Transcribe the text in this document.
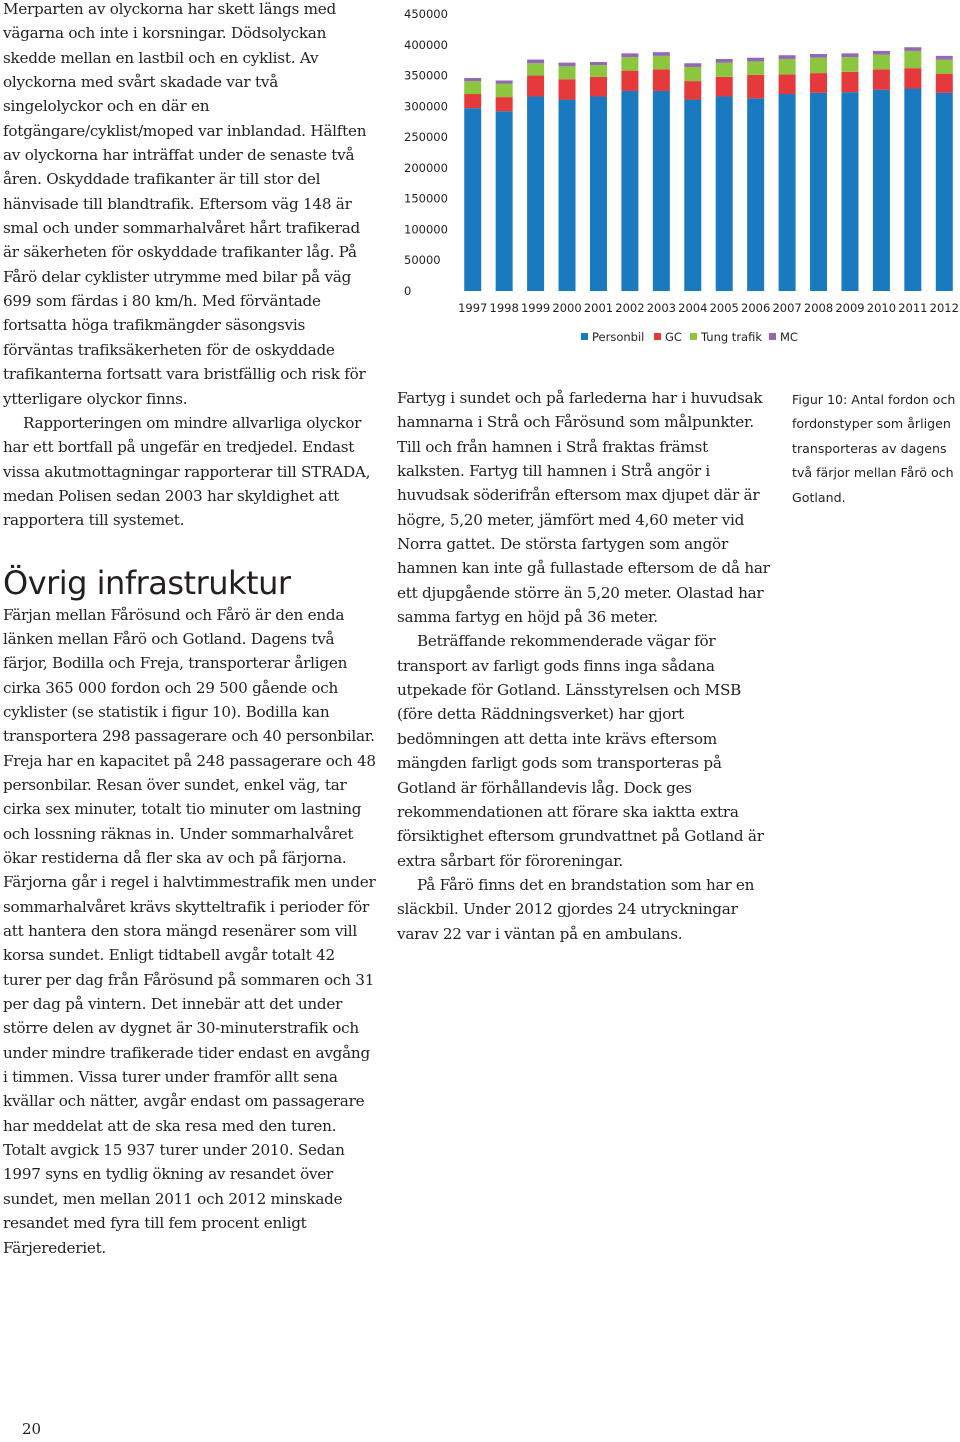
Merparten av olyckorna har skett längs med vägarna och inte i korsningar. Dödsolyckan skedde mellan en lastbil och en cyklist. Av olyckorna med svårt skadade var två singelolyckor och en där en fotgängare/cyklist/moped var inblandad. Hälften av olyckorna har inträffat under de senaste två åren. Oskyddade trafikanter är till stor del hänvisade till blandtrafik. Eftersom väg 148 är smal och under sommarhalvåret hårt trafikerad är säkerheten för oskyddade trafikanter låg. På Fårö delar cyklister utrymme med bilar på väg 699 som färdas i 80 km/h. Med förväntade fortsatta höga trafikmängder säsongsvis förväntas trafiksäkerheten för de oskyddade trafikanterna fortsatt vara bristfällig och risk för ytterligare olyckor finns.

Rapporteringen om mindre allvarliga olyckor har ett bortfall på ungefär en tredjedel. Endast vissa akutmottagningar rapporterar till STRADA, medan Polisen sedan 2003 har skyldighet att rapportera till systemet.

Övrig infrastruktur

Färjan mellan Fårösund och Fårö är den enda länken mellan Fårö och Gotland. Dagens två färjor, Bodilla och Freja, transporterar årligen cirka 365 000 fordon och 29 500 gående och cyklister (se statistik i figur 10). Bodilla kan transportera 298 passagerare och 40 personbilar. Freja har en kapacitet på 248 passagerare och 48 personbilar. Resan över sundet, enkel väg, tar cirka sex minuter, totalt tio minuter om lastning och lossning räknas in. Under sommarhalvåret ökar restiderna då fler ska av och på färjorna. Färjorna går i regel i halvtimmestrafik men under sommarhalvåret krävs skytteltrafik i perioder för att hantera den stora mängd resenärer som vill korsa sundet. Enligt tidtabell avgår totalt 42 turer per dag från Fårösund på sommaren och 31 per dag på vintern. Det innebär att det under större delen av dygnet är 30-minuterstrafik och under mindre trafikerade tider endast en avgång i timmen. Vissa turer under framför allt sena kvällar och nätter, avgår endast om passagerare har meddelat att de ska resa med den turen. Totalt avgick 15 937 turer under 2010. Sedan 1997 syns en tydlig ökning av resandet över sundet, men mellan 2011 och 2012 minskade resandet med fyra till fem procent enligt Färjerederiet.

0
50000
100000
150000
200000
250000
300000
350000
400000
450000
1997 1998 1999 2000 2001 2002 2003 2004 2005 2006 2007 2008 2009 2010 2011 2012
Personbil GC Tung trafik MC

Fartyg i sundet och på farlederna har i huvudsak hamnarna i Strå och Fårösund som målpunkter. Till och från hamnen i Strå fraktas främst kalksten. Fartyg till hamnen i Strå angör i huvudsak söderifrån eftersom max djupet där är högre, 5,20 meter, jämfört med 4,60 meter vid Norra gattet. De största fartygen som angör hamnen kan inte gå fullastade eftersom de då har ett djupgående större än 5,20 meter. Olastad har samma fartyg en höjd på 36 meter.

Beträffande rekommenderade vägar för transport av farligt gods finns inga sådana utpekade för Gotland. Länsstyrelsen och MSB (före detta Räddningsverket) har gjort bedömningen att detta inte krävs eftersom mängden farligt gods som transporteras på Gotland är förhållandevis låg. Dock ges rekommendationen att förare ska iaktta extra försiktighet eftersom grundvattnet på Gotland är extra sårbart för föroreningar.

På Fårö finns det en brandstation som har en släckbil. Under 2012 gjordes 24 utryckningar varav 22 var i väntan på en ambulans.

Figur 10: Antal fordon och fordonstyper som årligen transporteras av dagens två färjor mellan Fårö och Gotland.
20
